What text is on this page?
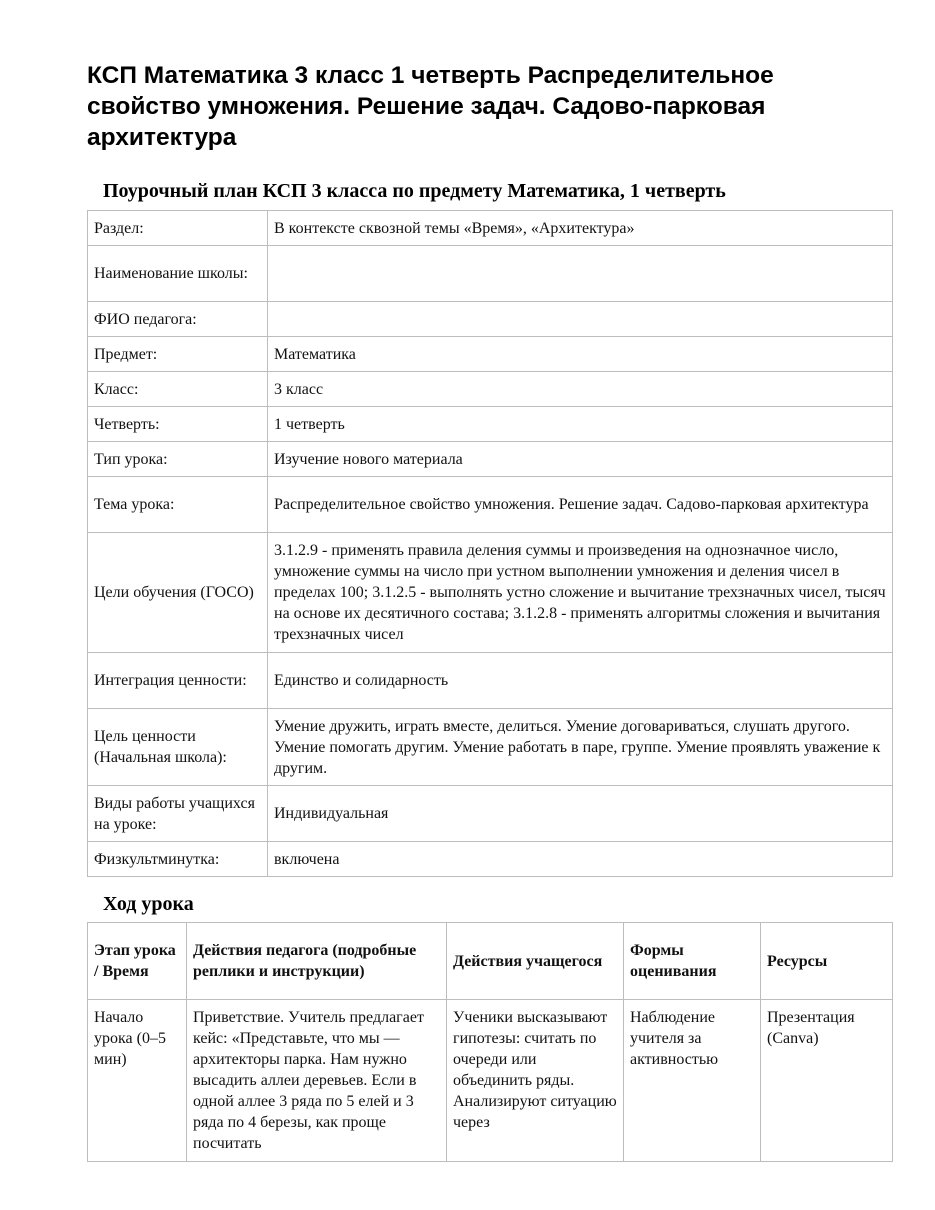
КСП Математика 3 класс 1 четверть Распределительное свойство умножения. Решение задач. Садово-парковая архитектура
Поурочный план КСП 3 класса по предмету Математика, 1 четверть
Раздел:	В контексте сквозной темы «Время», «Архитектура»
Наименование школы:	
ФИО педагога:	
Предмет:	Математика
Класс:	3 класс
Четверть:	1 четверть
Тип урока:	Изучение нового материала
Тема урока:	Распределительное свойство умножения. Решение задач. Садово-парковая архитектура
Цели обучения (ГОСО)	3.1.2.9 - применять правила деления суммы и произведения на однозначное число, умножение суммы на число при устном выполнении умножения и деления чисел в пределах 100; 3.1.2.5 - выполнять устно сложение и вычитание трехзначных чисел, тысяч на основе их десятичного состава; 3.1.2.8 - применять алгоритмы сложения и вычитания трехзначных чисел
Интеграция ценности:	Единство и солидарность
Цель ценности (Начальная школа):	Умение дружить, играть вместе, делиться. Умение договариваться, слушать другого. Умение помогать другим. Умение работать в паре, группе. Умение проявлять уважение к другим.
Виды работы учащихся на уроке:	Индивидуальная
Физкультминутка:	включена
Ход урока
Этап урока / Время	Действия педагога (подробные реплики и инструкции)	Действия учащегося	Формы оценивания	Ресурсы
Начало урока (0–5 мин)	Приветствие. Учитель предлагает кейс: «Представьте, что мы — архитекторы парка. Нам нужно высадить аллеи деревьев. Если в одной аллее 3 ряда по 5 елей и 3 ряда по 4 березы, как проще посчитать	Ученики высказывают гипотезы: считать по очереди или объединить ряды. Анализируют ситуацию через	Наблюдение учителя за активностью	Презентация (Canva)
